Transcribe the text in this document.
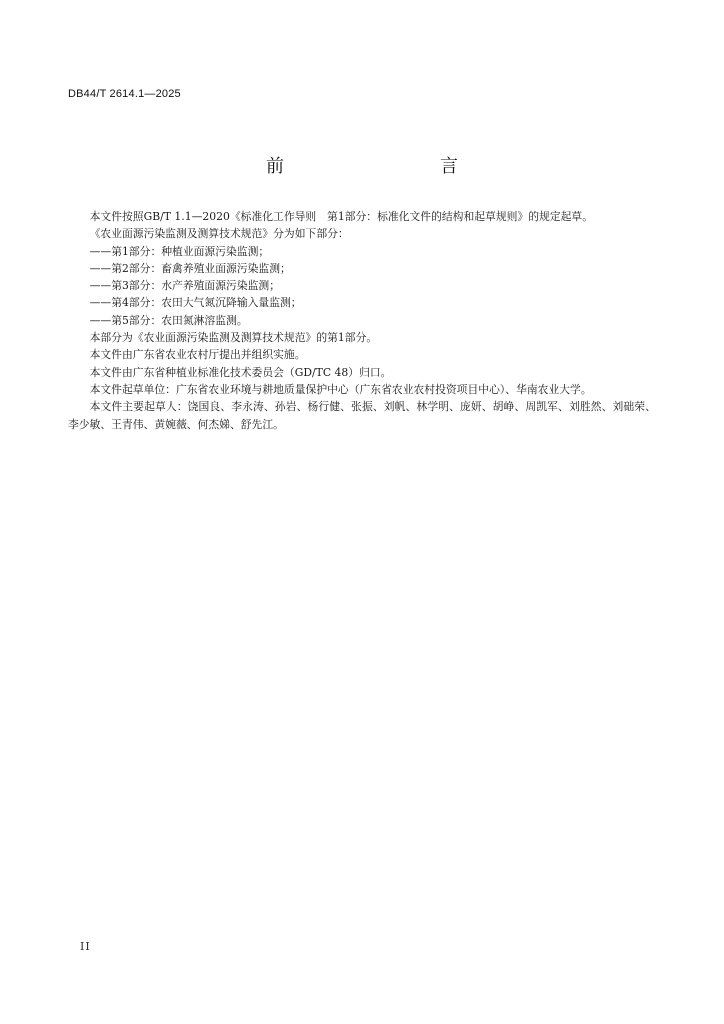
DB44/T 2614.1—2025
前　　言

本文件按照GB/T 1.1—2020《标准化工作导则　第1部分：标准化文件的结构和起草规则》的规定起草。

《农业面源污染监测及测算技术规范》分为如下部分：

——第1部分：种植业面源污染监测；

——第2部分：畜禽养殖业面源污染监测；

——第3部分：水产养殖面源污染监测；

——第4部分：农田大气氮沉降输入量监测；

——第5部分：农田氮淋溶监测。

本部分为《农业面源污染监测及测算技术规范》的第1部分。

本文件由广东省农业农村厅提出并组织实施。

本文件由广东省种植业标准化技术委员会（GD/TC 48）归口。

本文件起草单位：广东省农业环境与耕地质量保护中心（广东省农业农村投资项目中心）、华南农业大学。

本文件主要起草人：饶国良、李永涛、孙岩、杨行健、张振、刘帆、林学明、庞妍、胡峥、周凯军、刘胜然、刘础荣、李少敏、王青伟、黄婉薇、何杰娣、舒先江。

II
